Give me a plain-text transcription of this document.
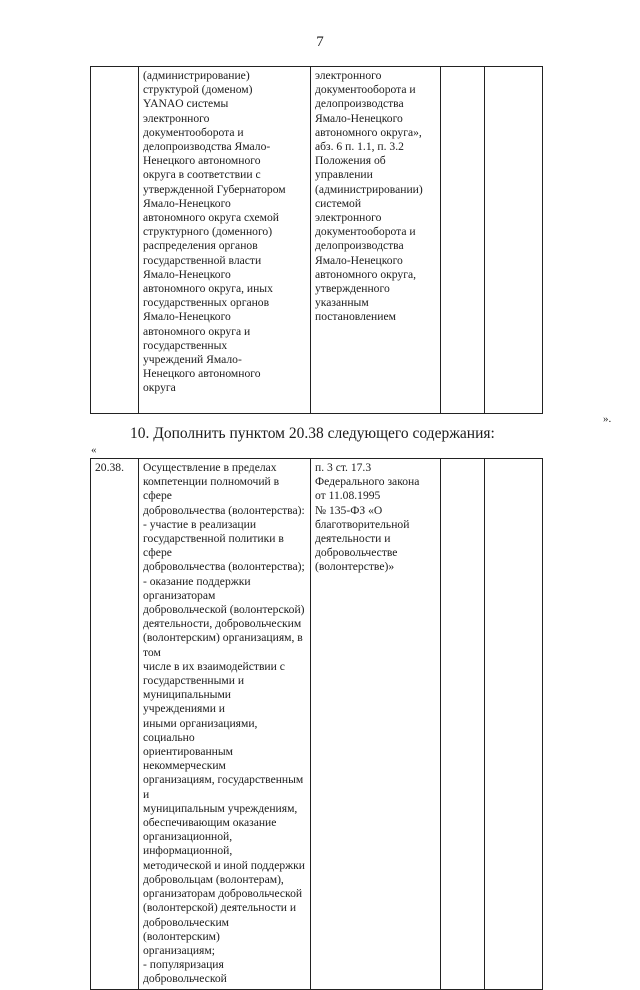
7
	(администрирование)
структурой (доменом)
YANAO системы
электронного
документооборота и
делопроизводства Ямало-
Ненецкого автономного
округа в соответствии с
утвержденной Губернатором
Ямало-Ненецкого
автономного округа схемой
структурного (доменного)
распределения органов
государственной власти
Ямало-Ненецкого
автономного округа, иных
государственных органов
Ямало-Ненецкого
автономного округа и
государственных
учреждений Ямало-
Ненецкого автономного
округа	электронного
документооборота и
делопроизводства
Ямало-Ненецкого
автономного округа»,
абз. 6 п. 1.1, п. 3.2
Положения об
управлении
(администрировании)
системой
электронного
документооборота и
делопроизводства
Ямало-Ненецкого
автономного округа,
утвержденного
указанным
постановлением		
».
10. Дополнить пунктом 20.38 следующего содержания:
«
20.38.	Осуществление в пределах
компетенции полномочий в сфере
добровольчества (волонтерства):
- участие в реализации
государственной политики в сфере
добровольчества (волонтерства);
- оказание поддержки организаторам
добровольческой (волонтерской)
деятельности, добровольческим
(волонтерским) организациям, в том
числе в их взаимодействии с
государственными и
муниципальными учреждениями и
иными организациями, социально
ориентированным некоммерческим
организациям, государственным и
муниципальным учреждениям,
обеспечивающим оказание
организационной, информационной,
методической и иной поддержки
добровольцам (волонтерам),
организаторам добровольческой
(волонтерской) деятельности и
добровольческим (волонтерским)
организациям;
- популяризация добровольческой	п. 3 ст. 17.3
Федерального закона
от 11.08.1995
№ 135-ФЗ «О
благотворительной
деятельности и
добровольчестве
(волонтерстве)»		
